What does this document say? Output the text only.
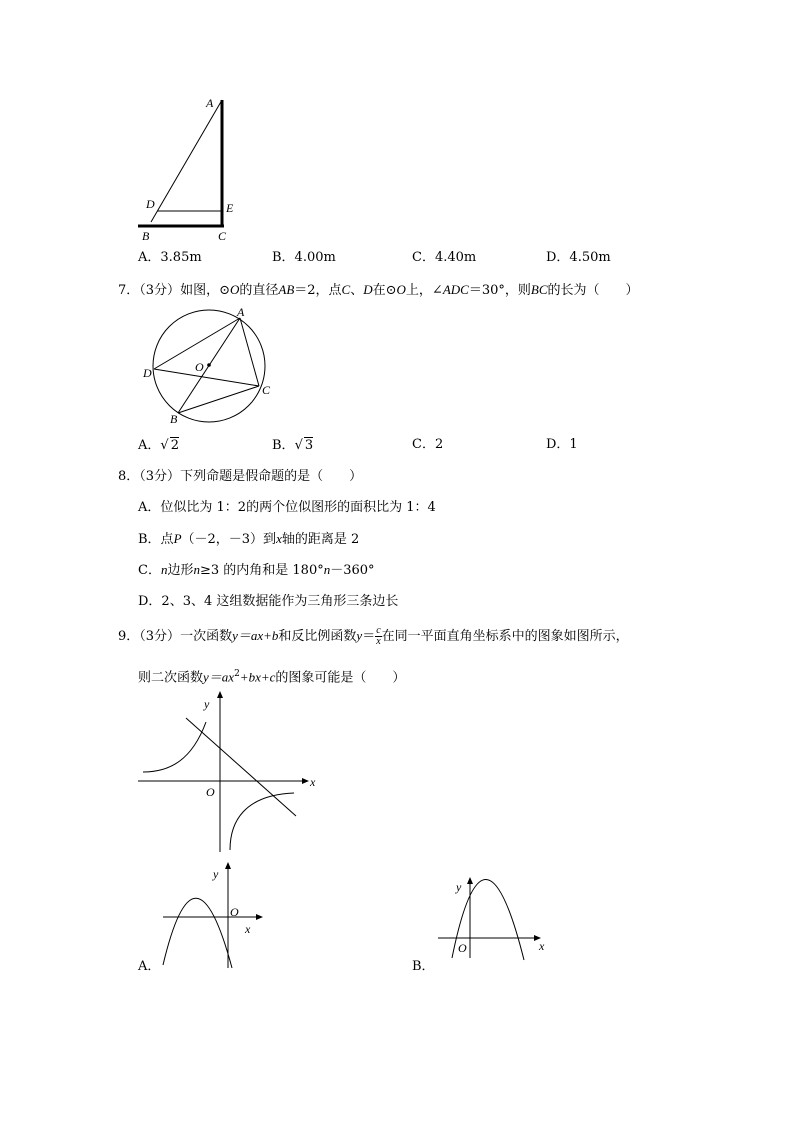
A
D	E
B	C
A．3.85m	B．4.00m	C．4.40m	D．4.50m
7．（3分）如图，⊙O的直径AB＝2，点C、D在⊙O上，∠ADC＝30°，则BC的长为（　　）
A
O
D
C
B
A．√ 2	B．√ 3	C．2	D．1
8．（3分）下列命题是假命题的是（　　）
A．位似比为 1：2的两个位似图形的面积比为 1：4
B．点P（－2，－3）到x轴的距离是 2
C．n边形n≥3 的内角和是 180°n－360°
D．2、3、4 这组数据能作为三角形三条边长
9．（3分）一次函数y＝ax+b和反比例函数$y= \frac{c}{x}$ 在同一平面直角坐标系中的图象如图所示，
则二次函数$y=ax^2+bx+c$的图象可能是（　　）
y
x
O
y
O
x
A．
y
O	x
B．
